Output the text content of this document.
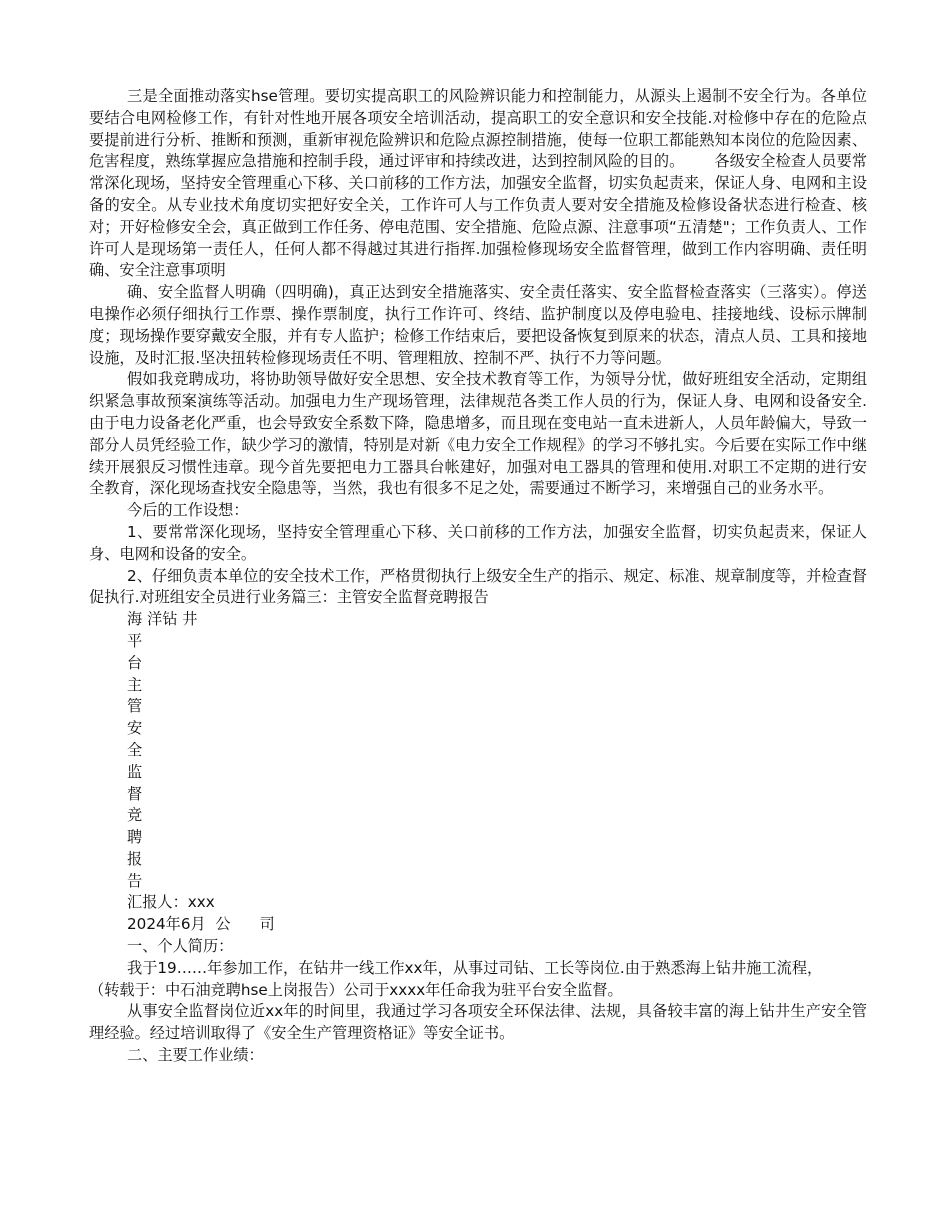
三是全面推动落实hse管理。要切实提高职工的风险辨识能力和控制能力，从源头上遏制不安全行为。各单位要结合电网检修工作，有针对性地开展各项安全培训活动，提高职工的安全意识和安全技能.对检修中存在的危险点要提前进行分析、推断和预测，重新审视危险辨识和危险点源控制措施，使每一位职工都能熟知本岗位的危险因素、危害程度，熟练掌握应急措施和控制手段，通过评审和持续改进，达到控制风险的目的。 各级安全检查人员要常常深化现场，坚持安全管理重心下移、关口前移的工作方法，加强安全监督，切实负起责来，保证人身、电网和主设备的安全。从专业技术角度切实把好安全关，工作许可人与工作负责人要对安全措施及检修设备状态进行检查、核对；开好检修安全会，真正做到工作任务、停电范围、安全措施、危险点源、注意事项“五清楚"；工作负责人、工作许可人是现场第一责任人，任何人都不得越过其进行指挥.加强检修现场安全监督管理，做到工作内容明确、责任明确、安全注意事项明

确、安全监督人明确（四明确)，真正达到安全措施落实、安全责任落实、安全监督检查落实（三落实）。停送电操作必须仔细执行工作票、操作票制度，执行工作许可、终结、监护制度以及停电验电、挂接地线、设标示牌制度；现场操作要穿戴安全服，并有专人监护；检修工作结束后，要把设备恢复到原来的状态，清点人员、工具和接地设施，及时汇报.坚决扭转检修现场责任不明、管理粗放、控制不严、执行不力等问题。

假如我竞聘成功，将协助领导做好安全思想、安全技术教育等工作，为领导分忧，做好班组安全活动，定期组织紧急事故预案演练等活动。加强电力生产现场管理，法律规范各类工作人员的行为，保证人身、电网和设备安全.由于电力设备老化严重，也会导致安全系数下降，隐患增多，而且现在变电站一直未进新人，人员年龄偏大，导致一部分人员凭经验工作，缺少学习的激情，特别是对新《电力安全工作规程》的学习不够扎实。今后要在实际工作中继续开展狠反习惯性违章。现今首先要把电力工器具台帐建好，加强对电工器具的管理和使用.对职工不定期的进行安全教育，深化现场查找安全隐患等，当然，我也有很多不足之处，需要通过不断学习，来增强自己的业务水平。

今后的工作设想：

1、要常常深化现场，坚持安全管理重心下移、关口前移的工作方法，加强安全监督，切实负起责来，保证人身、电网和设备的安全。

2、仔细负责本单位的安全技术工作，严格贯彻执行上级安全生产的指示、规定、标准、规章制度等，并检查督促执行.对班组安全员进行业务篇三：主管安全监督竞聘报告

海 洋钻 井

平
台
主
管
安
全
监
督
竞
聘
报
告

汇报人：xxx

2024年6月  公      司

一、个人简历：

我于19……年参加工作，在钻井一线工作xx年，从事过司钻、工长等岗位.由于熟悉海上钻井施工流程，

（转载于：中石油竞聘hse上岗报告）公司于xxxx年任命我为驻平台安全监督。

从事安全监督岗位近xx年的时间里，我通过学习各项安全环保法律、法规，具备较丰富的海上钻井生产安全管理经验。经过培训取得了《安全生产管理资格证》等安全证书。

二、主要工作业绩：
